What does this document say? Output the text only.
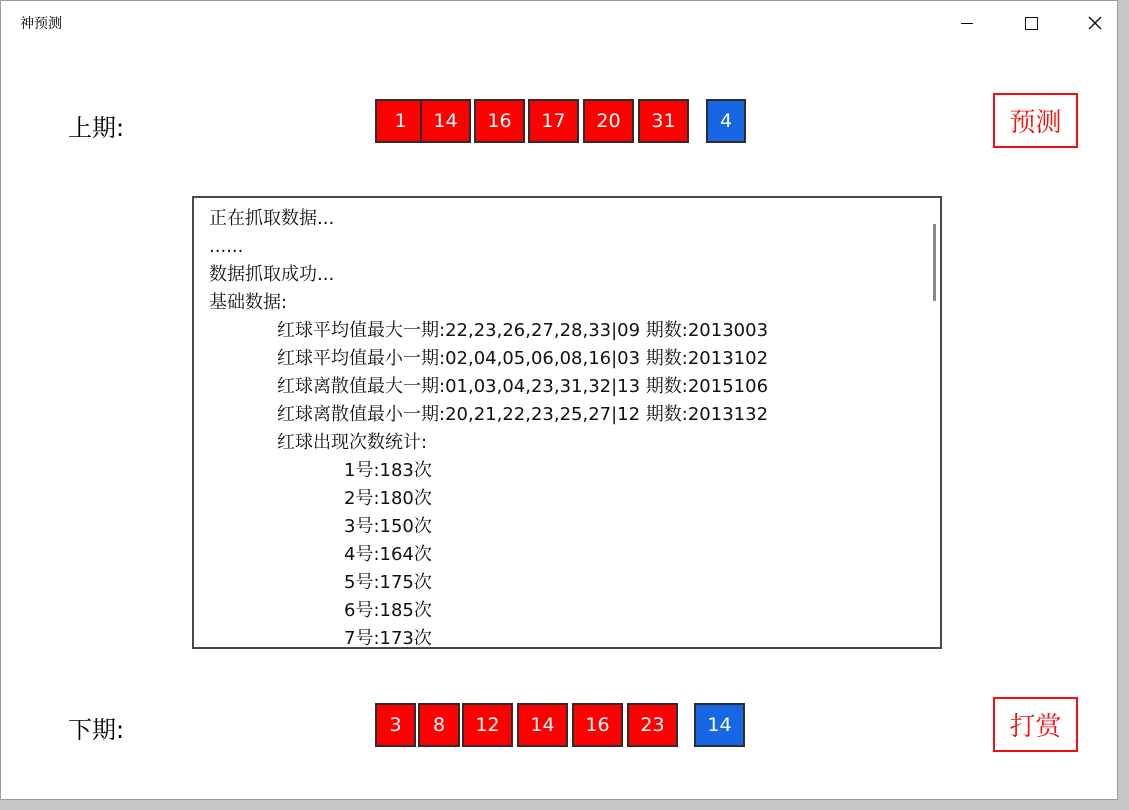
神预测
上期:	1	14	16	17	20	31	4	预测
正在抓取数据...
......
数据抓取成功...
基础数据:
红球平均值最大一期:22,23,26,27,28,33|09 期数:2013003
红球平均值最小一期:02,04,05,06,08,16|03 期数:2013102
红球离散值最大一期:01,03,04,23,31,32|13 期数:2015106
红球离散值最小一期:20,21,22,23,25,27|12 期数:2013132
红球出现次数统计:
1号:183次
2号:180次
3号:150次
4号:164次
5号:175次
6号:185次
7号:173次
下期:	3	8	12	14	16	23	14	打赏
